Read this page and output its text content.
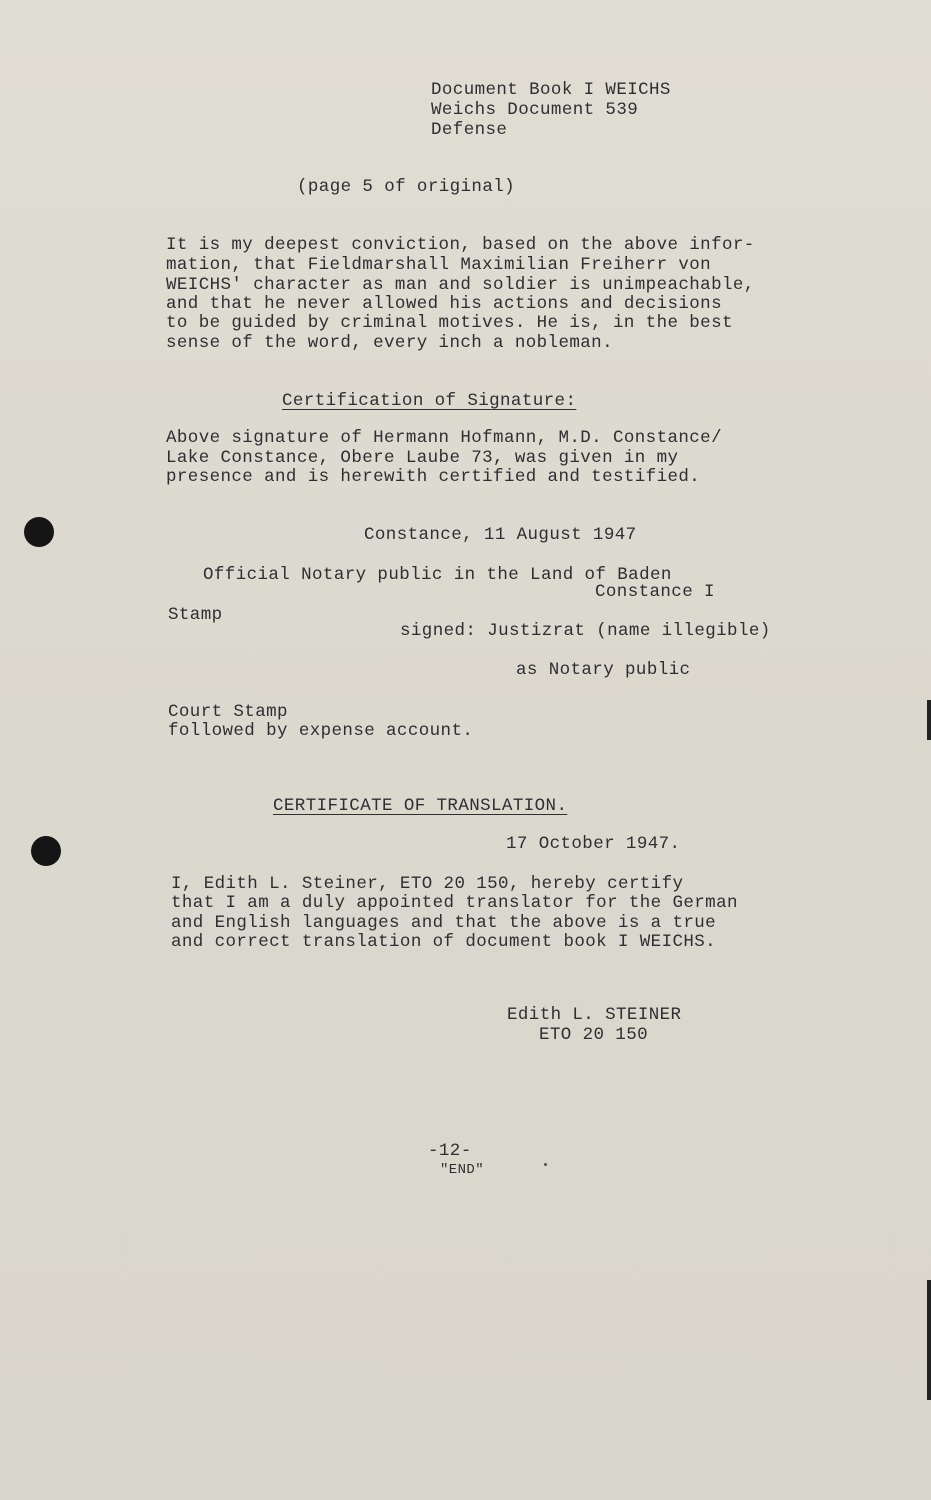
Document Book I WEICHS

Weichs Document 539

Defense

(page 5 of original)

It is my deepest conviction, based on the above infor-

mation, that Fieldmarshall Maximilian Freiherr von

WEICHS' character as man and soldier is unimpeachable,

and that he never allowed his actions and decisions

to be guided by criminal motives. He is, in the best

sense of the word, every inch a nobleman.

Certification of Signature:

Above signature of Hermann Hofmann, M.D. Constance/

Lake Constance, Obere Laube 73, was given in my

presence and is herewith certified and testified.

Constance, 11 August 1947

Official Notary public in the Land of Baden

Constance I

Stamp

signed: Justizrat (name illegible)

as Notary public

Court Stamp

followed by expense account.

CERTIFICATE OF TRANSLATION.

17 October 1947.

I, Edith L. Steiner, ETO 20 150, hereby certify

that I am a duly appointed translator for the German

and English languages and that the above is a true

and correct translation of document book I WEICHS.

Edith L. STEINER

ETO 20 150

-12-

"END"
